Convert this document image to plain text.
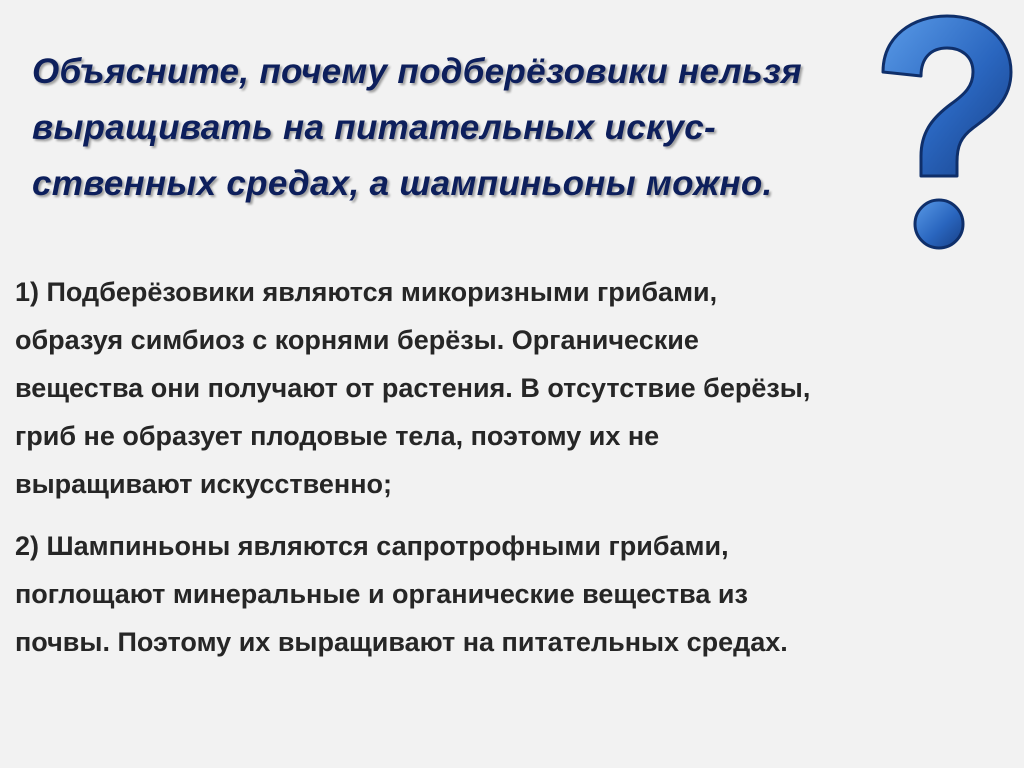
Объясните, почему подберёзовики нельзя
выращивать на питательных искус-
ственных средах, а шампиньоны можно.
1) Подберёзовики являются микоризными грибами,
образуя симбиоз с корнями берёзы. Органические
вещества они получают от растения. В отсутствие берёзы,
гриб не образует плодовые тела, поэтому их не
выращивают искусственно;
2) Шампиньоны являются сапротрофными грибами,
поглощают минеральные и органические вещества из
почвы. Поэтому их выращивают на питательных средах.
